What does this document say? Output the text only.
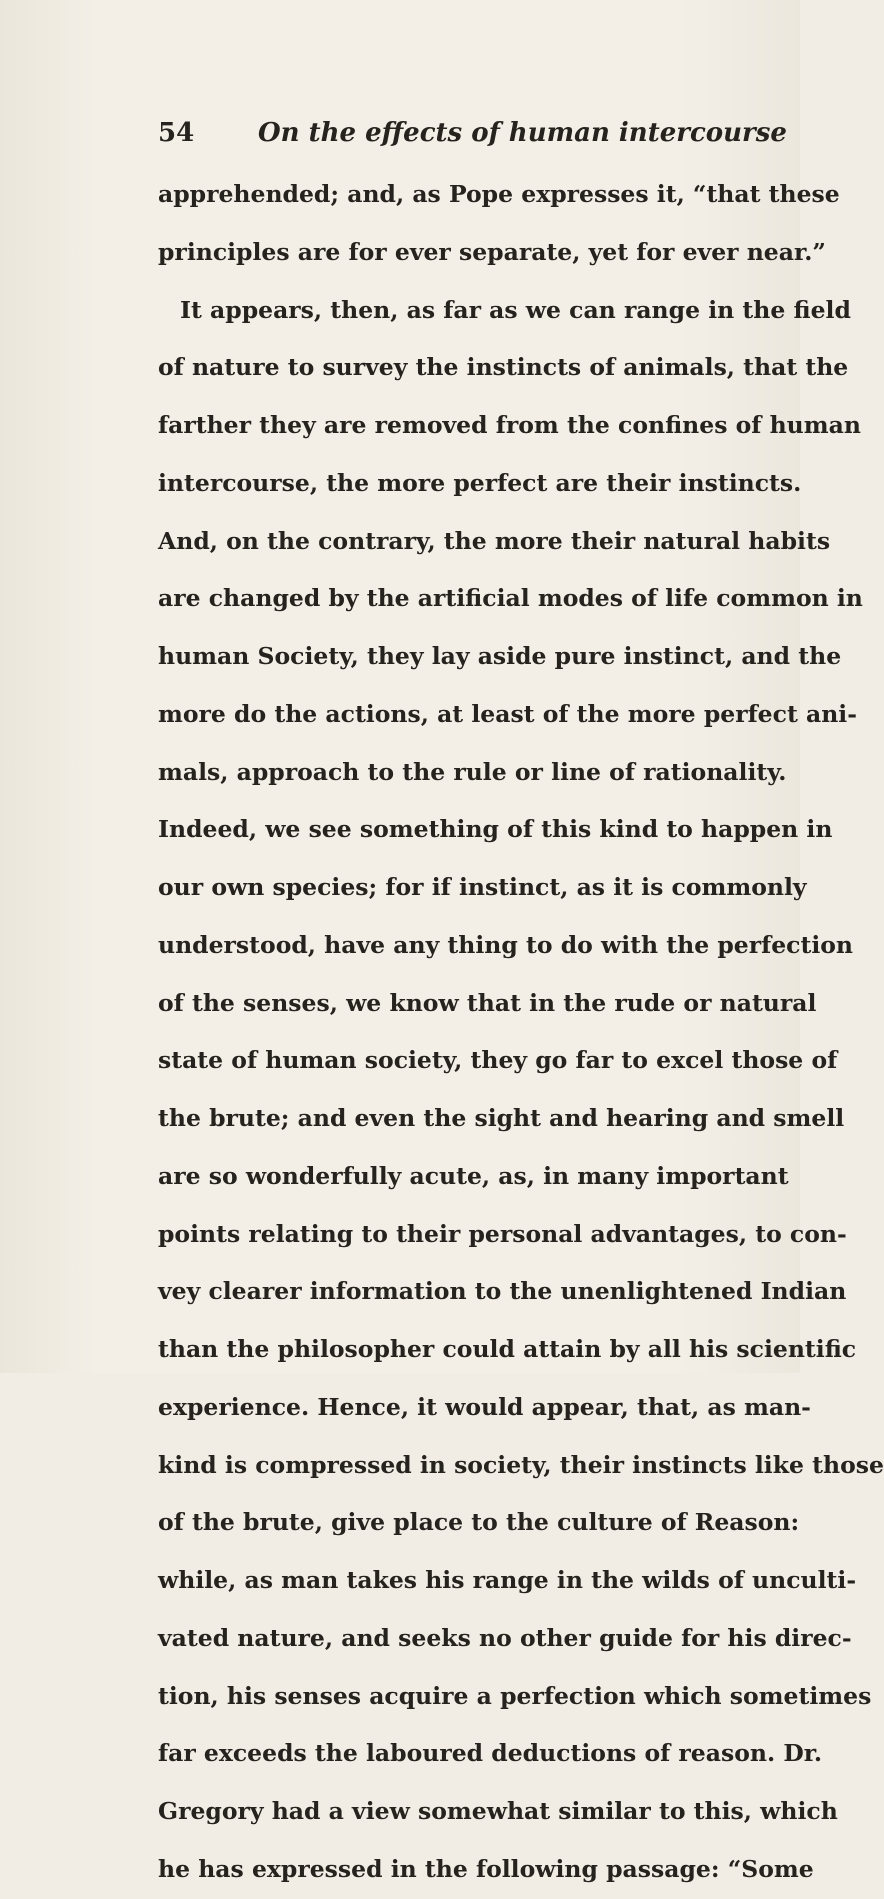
54 On the effects of human intercourse
apprehended; and, as Pope expresses it, “that these
principles are for ever separate, yet for ever near.”
It appears, then, as far as we can range in the field
of nature to survey the instincts of animals, that the
farther they are removed from the confines of human
intercourse, the more perfect are their instincts.
And, on the contrary, the more their natural habits
are changed by the artificial modes of life common in
human Society, they lay aside pure instinct, and the
more do the actions, at least of the more perfect ani-
mals, approach to the rule or line of rationality.
Indeed, we see something of this kind to happen in
our own species; for if instinct, as it is commonly
understood, have any thing to do with the perfection
of the senses, we know that in the rude or natural
state of human society, they go far to excel those of
the brute; and even the sight and hearing and smell
are so wonderfully acute, as, in many important
points relating to their personal advantages, to con-
vey clearer information to the unenlightened Indian
than the philosopher could attain by all his scientific
experience. Hence, it would appear, that, as man-
kind is compressed in society, their instincts like those
of the brute, give place to the culture of Reason:
while, as man takes his range in the wilds of unculti-
vated nature, and seeks no other guide for his direc-
tion, his senses acquire a perfection which sometimes
far exceeds the laboured deductions of reason. Dr.
Gregory had a view somewhat similar to this, which
he has expressed in the following passage: “Some
